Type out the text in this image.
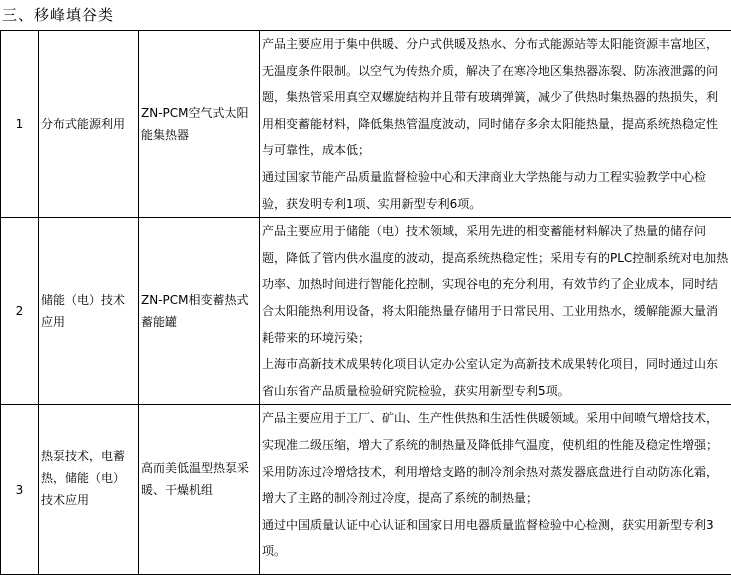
三、移峰填谷类
1	分布式能源利用	ZN-PCM空气式太阳能集热器	产品主要应用于集中供暖、分户式供暖及热水、分布式能源站等太阳能资源丰富地区，无温度条件限制。以空气为传热介质，解决了在寒冷地区集热器冻裂、防冻液泄露的问题，集热管采用真空双螺旋结构并且带有玻璃弹簧，减少了供热时集热器的热损失，利用相变蓄能材料，降低集热管温度波动，同时储存多余太阳能热量，提高系统热稳定性与可靠性，成本低；
通过国家节能产品质量监督检验中心和天津商业大学热能与动力工程实验教学中心检验，获发明专利1项、实用新型专利6项。

2	储能（电）技术应用	ZN-PCM相变蓄热式蓄能罐	产品主要应用于储能（电）技术领域，采用先进的相变蓄能材料解决了热量的储存问题，降低了管内供水温度的波动，提高系统热稳定性；采用专有的PLC控制系统对电加热功率、加热时间进行智能化控制，实现谷电的充分利用，有效节约了企业成本，同时结合太阳能热利用设备，将太阳能热量存储用于日常民用、工业用热水，缓解能源大量消耗带来的环境污染；
上海市高新技术成果转化项目认定办公室认定为高新技术成果转化项目，同时通过山东省山东省产品质量检验研究院检验，获实用新型专利5项。

3	热泵技术，电蓄热，储能（电）技术应用	高而美低温型热泵采暖、干燥机组	产品主要应用于工厂、矿山、生产性供热和生活性供暖领域。采用中间喷气增焓技术，实现准二级压缩，增大了系统的制热量及降低排气温度，使机组的性能及稳定性增强；采用防冻过冷增焓技术，利用增焓支路的制冷剂余热对蒸发器底盘进行自动防冻化霜，增大了主路的制冷剂过冷度，提高了系统的制热量；
通过中国质量认证中心认证和国家日用电器质量监督检验中心检测，获实用新型专利3项。
